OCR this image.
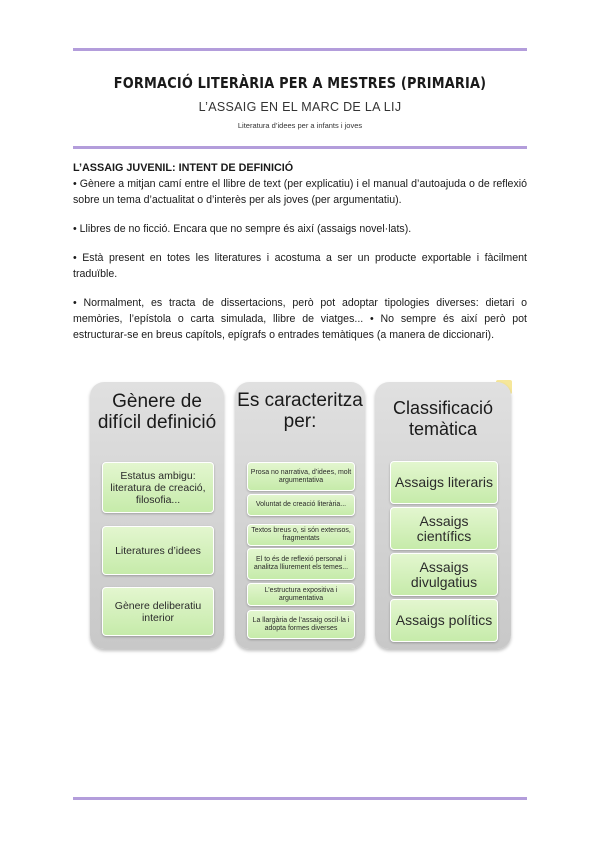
FORMACIÓ LITERÀRIA PER A MESTRES (PRIMARIA)
L’ASSAIG EN EL MARC DE LA LIJ
Literatura d’idees per a infants i joves
L’ASSAIG JUVENIL: INTENT DE DEFINICIÓ
• Gènere a mitjan camí entre el llibre de text (per explicatiu) i el manual d’autoajuda o de reflexió sobre un tema d’actualitat o d’interès per als joves (per argumentatiu).
• Llibres de no ficció. Encara que no sempre és així (assaigs novel·lats).
• Està present en totes les literatures i acostuma a ser un producte exportable i fàcilment traduïble.
• Normalment, es tracta de dissertacions, però pot adoptar tipologies diverses: dietari o memòries, l’epístola o carta simulada, llibre de viatges... • No sempre és així però pot estructurar-se en breus capítols, epígrafs o entrades temàtiques (a manera de diccionari).
Gènere de difícil definició
Estatus ambigu: literatura de creació, filosofia...
Literatures d’idees
Gènere deliberatiu interior
Es caracteritza per:
Prosa no narrativa, d’idees, molt argumentativa
Voluntat de creació literària...
Textos breus o, si són extensos, fragmentats
El to és de reflexió personal i analitza lliurement els temes...
L’estructura expositiva i argumentativa
La llargària de l’assaig oscil·la i adopta formes diverses
Classificació temàtica
Assaigs literaris
Assaigs científics
Assaigs divulgatius
Assaigs polítics
